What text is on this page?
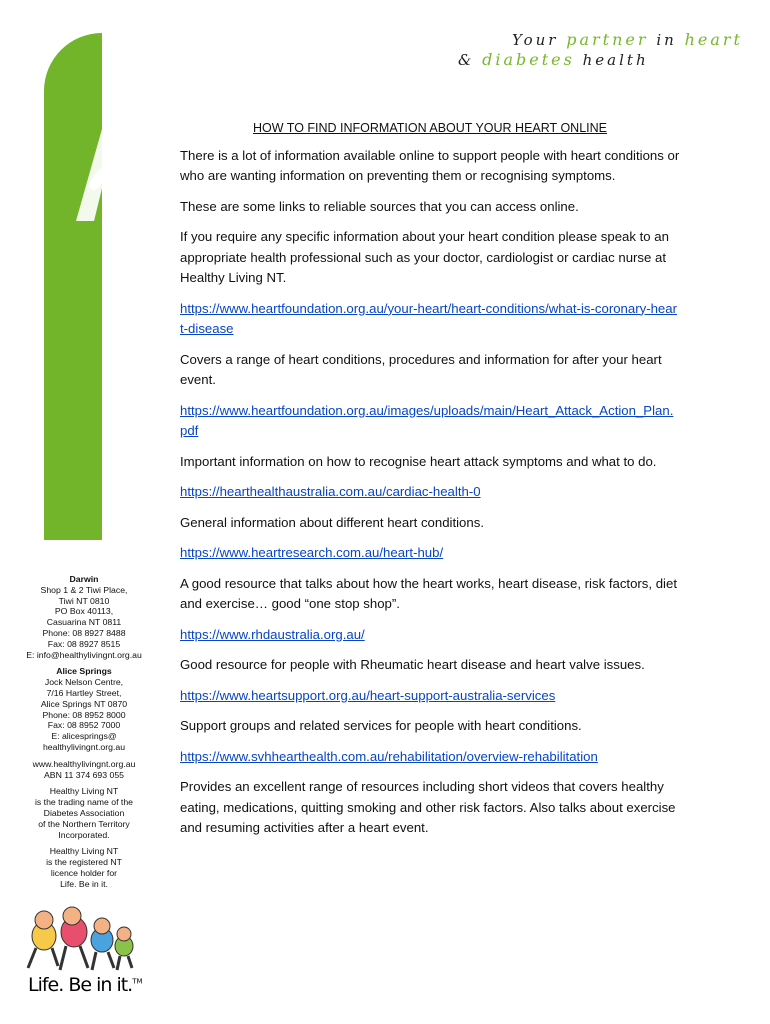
Your partner in heart
& diabetes health
healthylivingNT
Darwin
Shop 1 & 2 Tiwi Place,
Tiwi NT 0810
PO Box 40113,
Casuarina NT 0811
Phone: 08 8927 8488
Fax: 08 8927 8515
E: info@healthylivingnt.org.au
Alice Springs
Jock Nelson Centre,
7/16 Hartley Street,
Alice Springs NT 0870
Phone: 08 8952 8000
Fax: 08 8952 7000
E: alicesprings@
healthylivingnt.org.au
www.healthylivingnt.org.au
ABN 11 374 693 055
Healthy Living NT
is the trading name of the
Diabetes Association
of the Northern Territory
Incorporated.
Healthy Living NT
is the registered NT
licence holder for
Life. Be in it.
Life. Be in it.™
HOW TO FIND INFORMATION ABOUT YOUR HEART ONLINE

There is a lot of information available online to support people with heart conditions or who are wanting information on preventing them or recognising symptoms.

These are some links to reliable sources that you can access online.

If you require any specific information about your heart condition please speak to an appropriate health professional such as your doctor, cardiologist or cardiac nurse at Healthy Living NT.

https://www.heartfoundation.org.au/your-heart/heart-conditions/what-is-coronary-heart-disease

Covers a range of heart conditions, procedures and information for after your heart event.

https://www.heartfoundation.org.au/images/uploads/main/Heart_Attack_Action_Plan.pdf

Important information on how to recognise heart attack symptoms and what to do.

https://hearthealthaustralia.com.au/cardiac-health-0

General information about different heart conditions.

https://www.heartresearch.com.au/heart-hub/

A good resource that talks about how the heart works, heart disease, risk factors, diet and exercise… good “one stop shop”.

https://www.rhdaustralia.org.au/

Good resource for people with Rheumatic heart disease and heart valve issues.

https://www.heartsupport.org.au/heart-support-australia-services

Support groups and related services for people with heart conditions.

https://www.svhhearthealth.com.au/rehabilitation/overview-rehabilitation

Provides an excellent range of resources including short videos that covers healthy eating, medications, quitting smoking and other risk factors. Also talks about exercise and resuming activities after a heart event.
